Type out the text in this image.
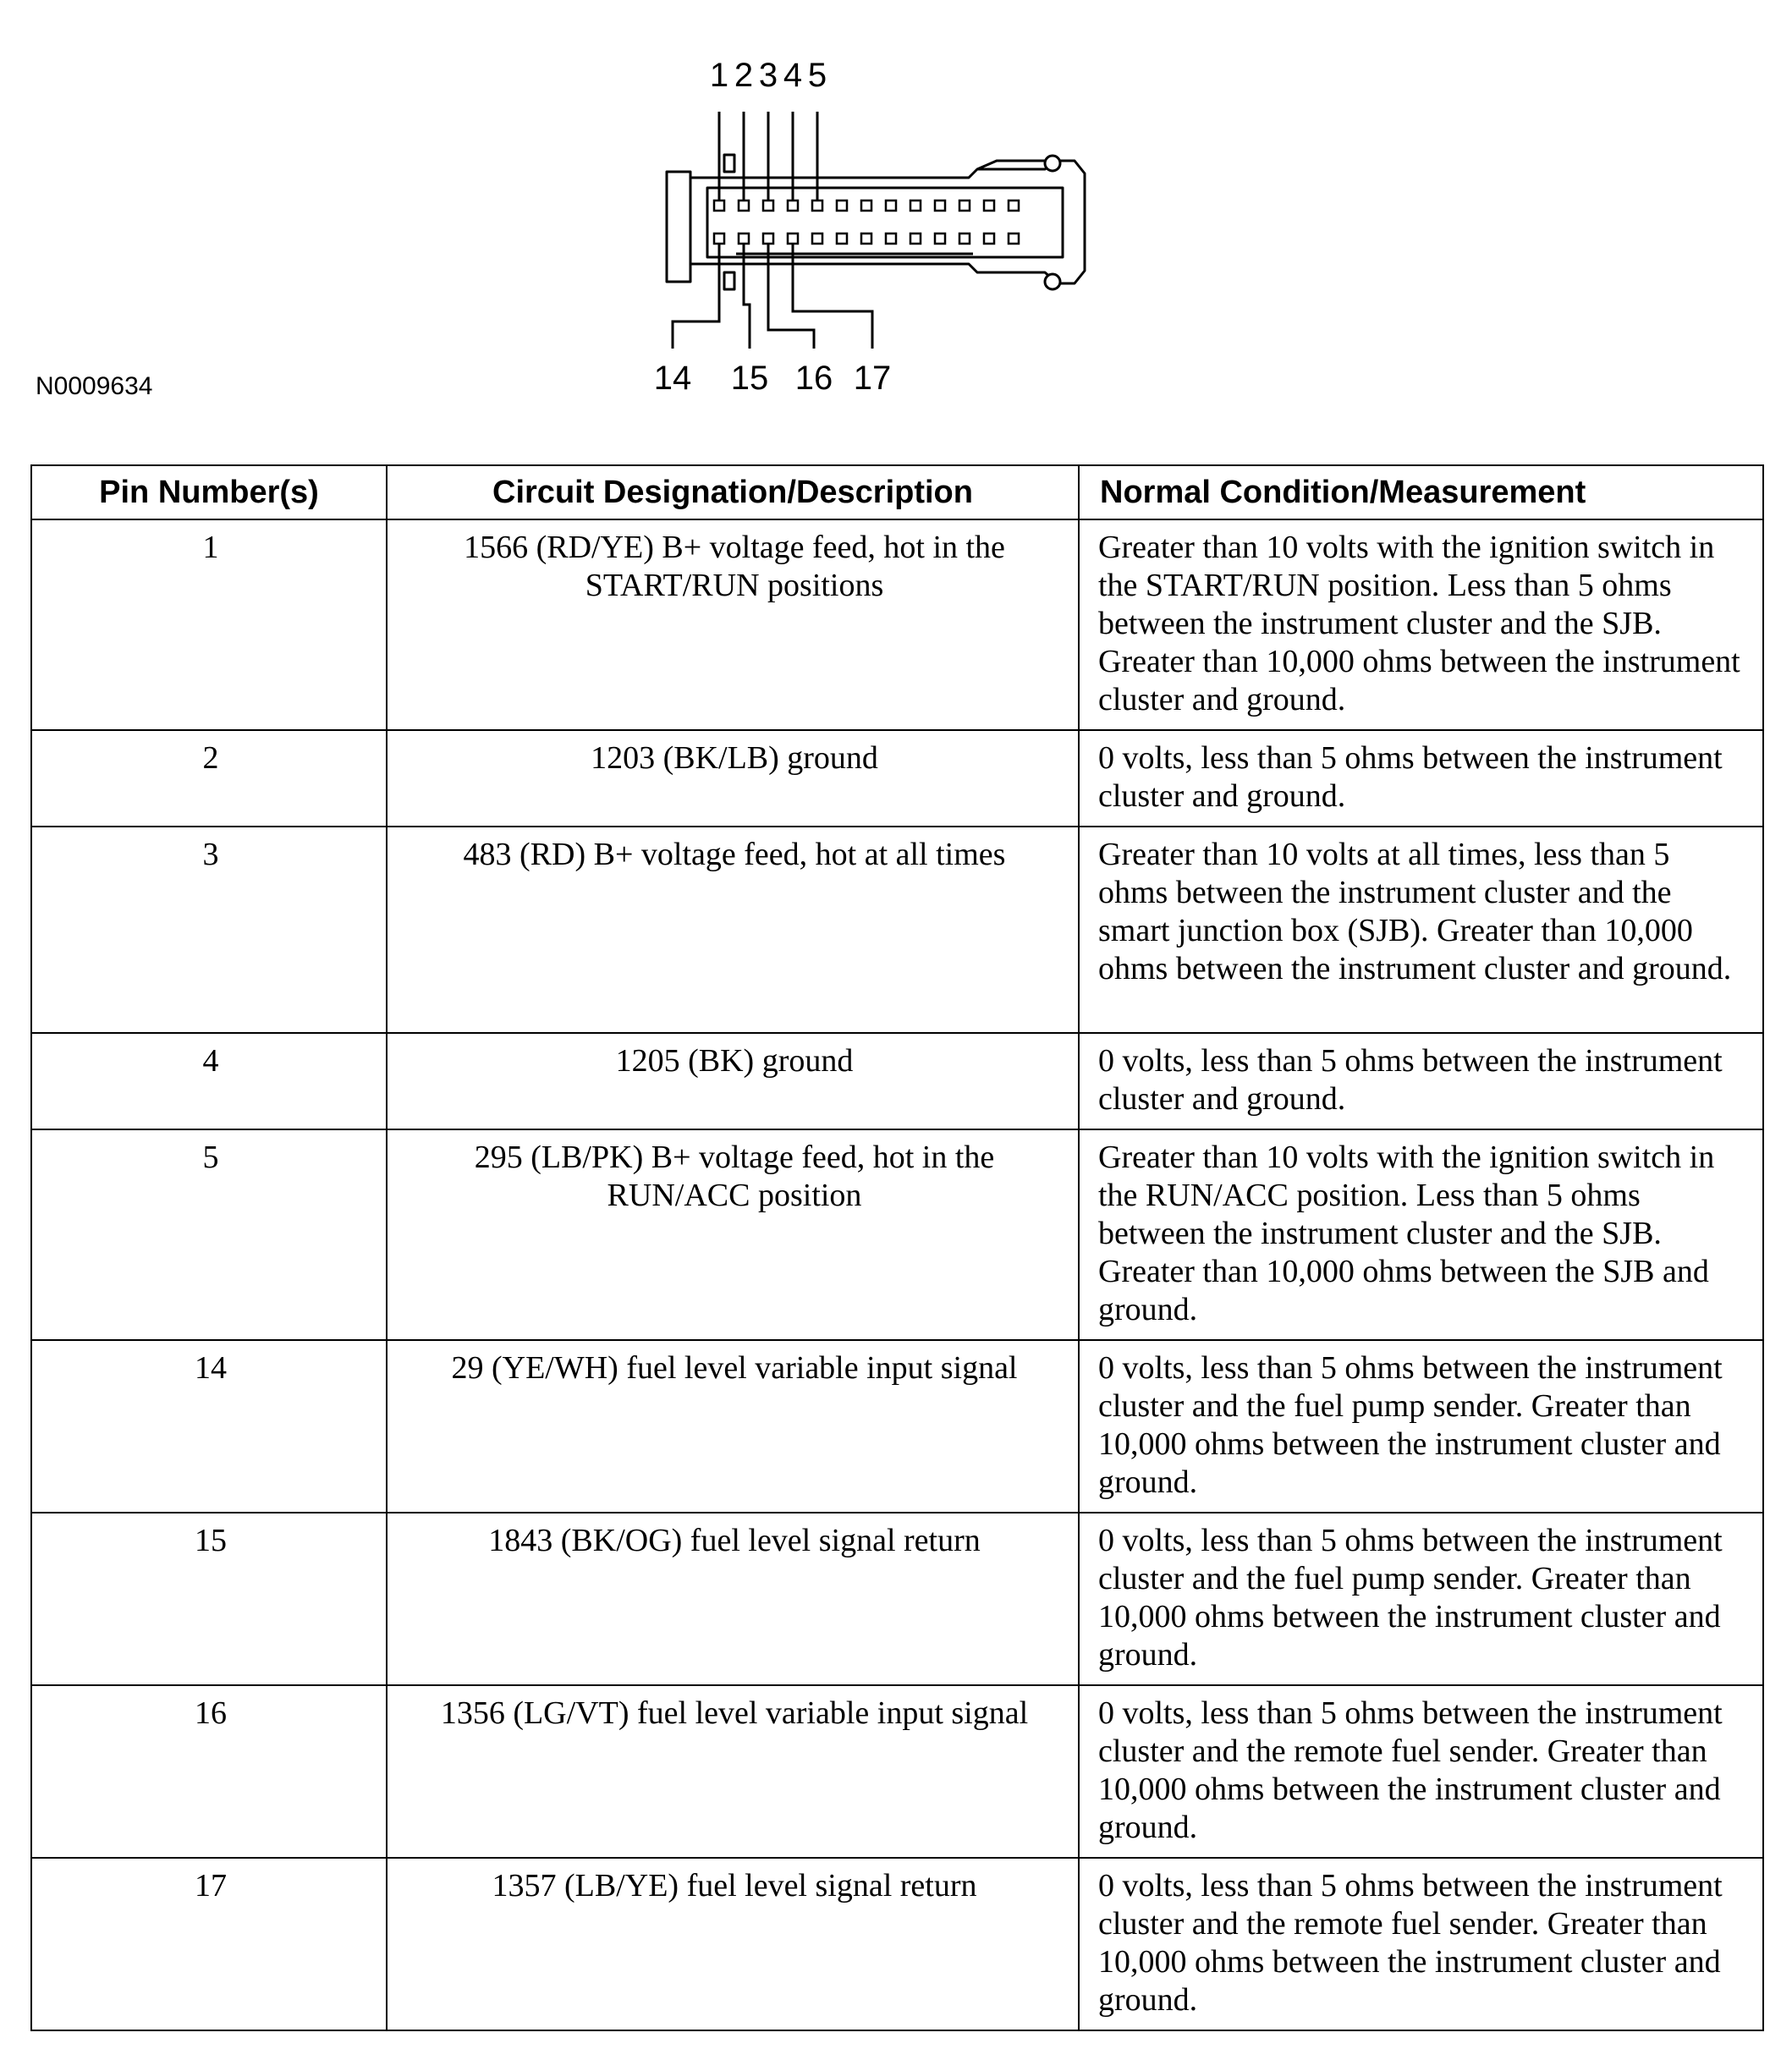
1 2 3 4 5
14 15 16 17
N0009634
Pin Number(s)	Circuit Designation/Description	Normal Condition/Measurement
1	1566 (RD/YE) B+ voltage feed, hot in the START/RUN positions	Greater than 10 volts with the ignition switch in the START/RUN position. Less than 5 ohms between the instrument cluster and the SJB. Greater than 10,000 ohms between the instrument cluster and ground.
2	1203 (BK/LB) ground	0 volts, less than 5 ohms between the instrument cluster and ground.
3	483 (RD) B+ voltage feed, hot at all times	Greater than 10 volts at all times, less than 5 ohms between the instrument cluster and the smart junction box (SJB). Greater than 10,000 ohms between the instrument cluster and ground.
4	1205 (BK) ground	0 volts, less than 5 ohms between the instrument cluster and ground.
5	295 (LB/PK) B+ voltage feed, hot in the RUN/ACC position	Greater than 10 volts with the ignition switch in the RUN/ACC position. Less than 5 ohms between the instrument cluster and the SJB. Greater than 10,000 ohms between the SJB and ground.
14	29 (YE/WH) fuel level variable input signal	0 volts, less than 5 ohms between the instrument cluster and the fuel pump sender. Greater than 10,000 ohms between the instrument cluster and ground.
15	1843 (BK/OG) fuel level signal return	0 volts, less than 5 ohms between the instrument cluster and the fuel pump sender. Greater than 10,000 ohms between the instrument cluster and ground.
16	1356 (LG/VT) fuel level variable input signal	0 volts, less than 5 ohms between the instrument cluster and the remote fuel sender. Greater than 10,000 ohms between the instrument cluster and ground.
17	1357 (LB/YE) fuel level signal return	0 volts, less than 5 ohms between the instrument cluster and the remote fuel sender. Greater than 10,000 ohms between the instrument cluster and ground.
